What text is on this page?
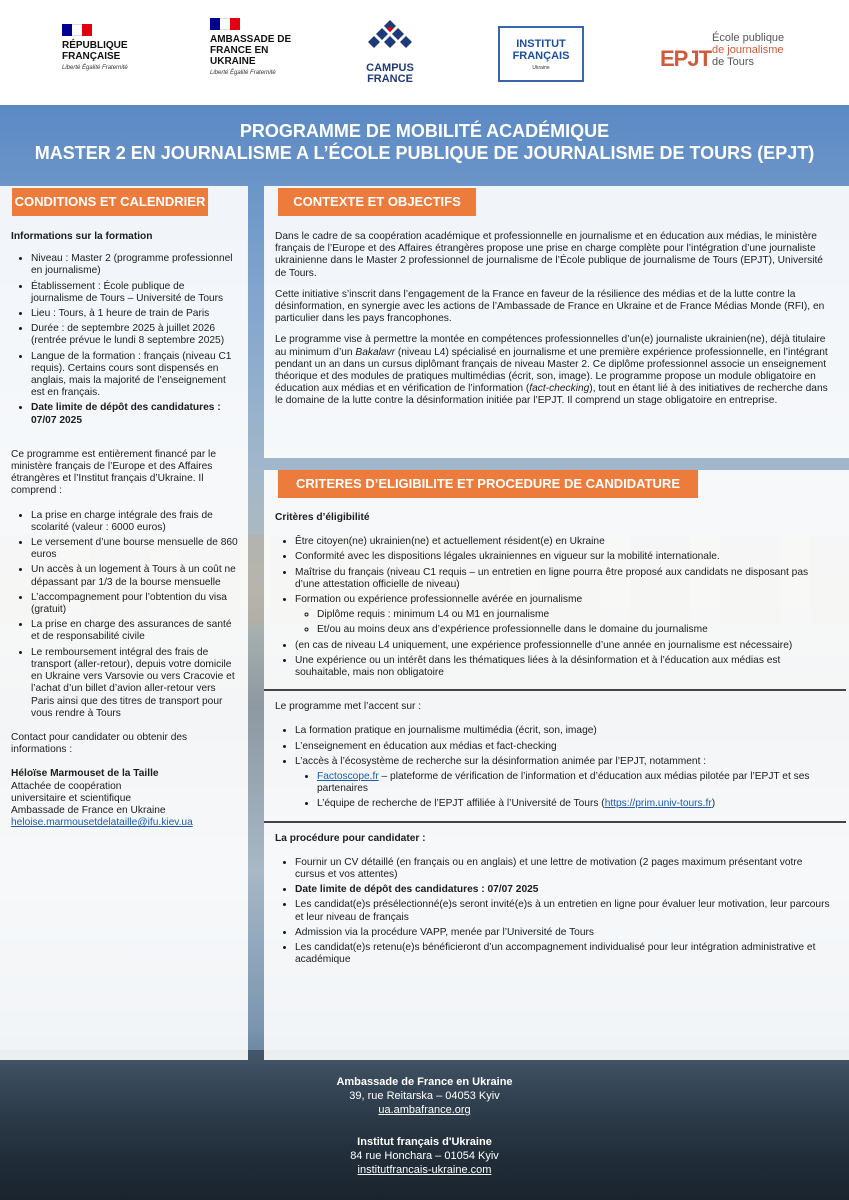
RÉPUBLIQUE FRANÇAISE
Liberté Égalité Fraternité
AMBASSADE DE FRANCE EN UKRAINE
Liberté Égalité Fraternité	CAMPUS FRANCE
INSTITUT FRANÇAIS
Ukraine	EPJT
École publique
de journalisme
de Tours
PROGRAMME DE MOBILITÉ ACADÉMIQUE
MASTER 2 EN JOURNALISME A L’ÉCOLE PUBLIQUE DE JOURNALISME DE TOURS (EPJT)
CONDITIONS ET CALENDRIER	CONTEXTE ET OBJECTIFS
CRITERES D’ELIGIBILITE ET PROCEDURE DE CANDIDATURE
Informations sur la formation
• Niveau : Master 2 (programme professionnel en journalisme)
• Établissement : École publique de journalisme de Tours – Université de Tours
• Lieu : Tours, à 1 heure de train de Paris
• Durée : de septembre 2025 à juillet 2026 (rentrée prévue le lundi 8 septembre 2025)
• Langue de la formation : français (niveau C1 requis). Certains cours sont dispensés en anglais, mais la majorité de l’enseignement est en français.
• Date limite de dépôt des candidatures : 07/07 2025
Ce programme est entièrement financé par le ministère français de l’Europe et des Affaires étrangères et l’Institut français d’Ukraine. Il comprend :
• La prise en charge intégrale des frais de scolarité (valeur : 6000 euros)
• Le versement d’une bourse mensuelle de 860 euros
• Un accès à un logement à Tours à un coût ne dépassant par 1/3 de la bourse mensuelle
• L’accompagnement pour l’obtention du visa (gratuit)
• La prise en charge des assurances de santé et de responsabilité civile
• Le remboursement intégral des frais de transport (aller-retour), depuis votre domicile en Ukraine vers Varsovie ou vers Cracovie et l’achat d’un billet d’avion aller-retour vers Paris ainsi que des titres de transport pour vous rendre à Tours
Contact pour candidater ou obtenir des informations :
Héloïse Marmouset de la Taille
Attachée de coopération
universitaire et scientifique
Ambassade de France en Ukraine
heloise.marmousetdelataille@ifu.kiev.ua

Dans le cadre de sa coopération académique et professionnelle en journalisme et en éducation aux médias, le ministère français de l’Europe et des Affaires étrangères propose une prise en charge complète pour l’intégration d’une journaliste ukrainienne dans le Master 2 professionnel de journalisme de l’École publique de journalisme de Tours (EPJT), Université de Tours.

Cette initiative s’inscrit dans l’engagement de la France en faveur de la résilience des médias et de la lutte contre la désinformation, en synergie avec les actions de l’Ambassade de France en Ukraine et de France Médias Monde (RFI), en particulier dans les pays francophones.

Le programme vise à permettre la montée en compétences professionnelles d’un(e) journaliste ukrainien(ne), déjà titulaire au minimum d’un Bakalavr (niveau L4) spécialisé en journalisme et une première expérience professionnelle, en l’intégrant pendant un an dans un cursus diplômant français de niveau Master 2. Ce diplôme professionnel associe un enseignement théorique et des modules de pratiques multimédias (écrit, son, image). Le programme propose un module obligatoire en éducation aux médias et en vérification de l’information (fact-checking), tout en étant lié à des initiatives de recherche dans le domaine de la lutte contre la désinformation initiée par l’EPJT. Il comprend un stage obligatoire en entreprise.

Critères d’éligibilité
• Être citoyen(ne) ukrainien(ne) et actuellement résident(e) en Ukraine
• Conformité avec les dispositions légales ukrainiennes en vigueur sur la mobilité internationale.
• Maîtrise du français (niveau C1 requis – un entretien en ligne pourra être proposé aux candidats ne disposant pas d’une attestation officielle de niveau)
• Formation ou expérience professionnelle avérée en journalisme
◦ Diplôme requis : minimum L4 ou M1 en journalisme
◦ Et/ou au moins deux ans d’expérience professionnelle dans le domaine du journalisme
• (en cas de niveau L4 uniquement, une expérience professionnelle d’une année en journalisme est nécessaire)
• Une expérience ou un intérêt dans les thématiques liées à la désinformation et à l’éducation aux médias est souhaitable, mais non obligatoire
Le programme met l’accent sur :
• La formation pratique en journalisme multimédia (écrit, son, image)
• L’enseignement en éducation aux médias et fact-checking
• L’accès à l’écosystème de recherche sur la désinformation animée par l’EPJT, notamment :
• Factoscope.fr – plateforme de vérification de l’information et d’éducation aux médias pilotée par l’EPJT et ses partenaires
• L’équipe de recherche de l’EPJT affiliée à l’Université de Tours (https://prim.univ-tours.fr)
La procédure pour candidater :
• Fournir un CV détaillé (en français ou en anglais) et une lettre de motivation (2 pages maximum présentant votre cursus et vos attentes)
• Date limite de dépôt des candidatures : 07/07 2025
• Les candidat(e)s présélectionné(e)s seront invité(e)s à un entretien en ligne pour évaluer leur motivation, leur parcours et leur niveau de français
• Admission via la procédure VAPP, menée par l’Université de Tours
• Les candidat(e)s retenu(e)s bénéficieront d’un accompagnement individualisé pour leur intégration administrative et académique
Ambassade de France en Ukraine
39, rue Reitarska – 04053 Kyiv
ua.ambafrance.org
Institut français d'Ukraine
84 rue Honchara – 01054 Kyiv
institutfrancais-ukraine.com
